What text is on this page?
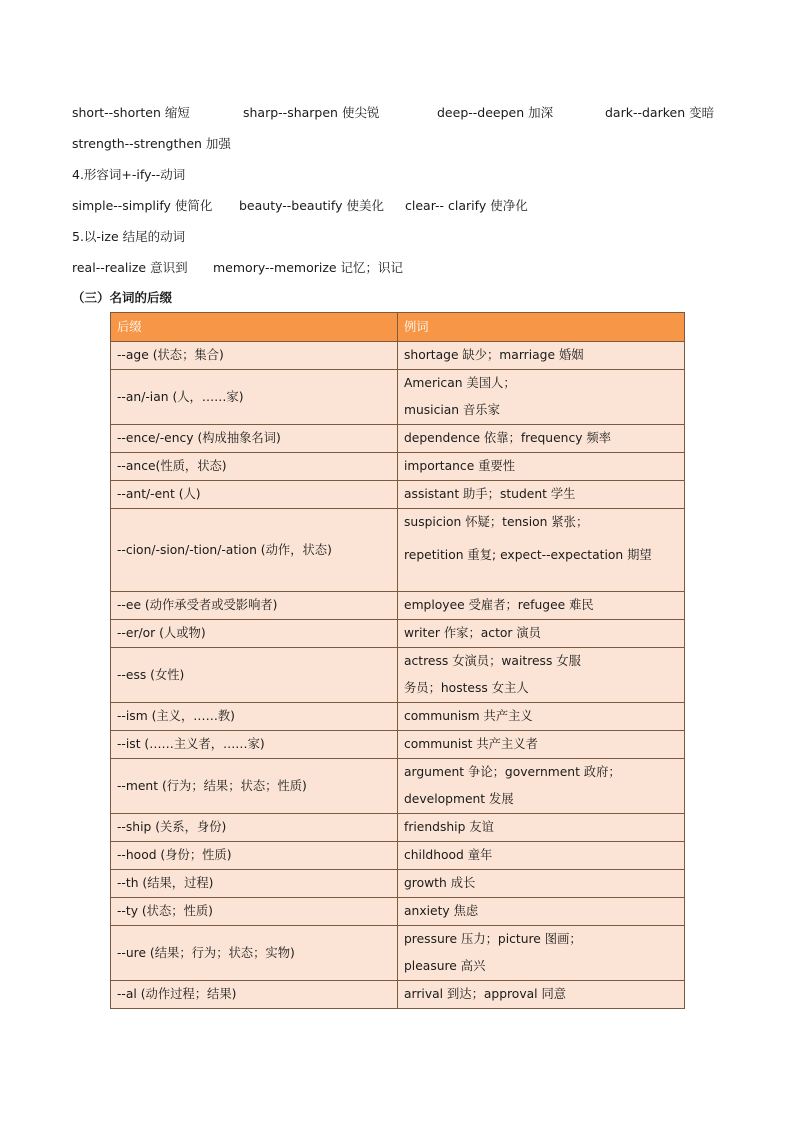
short--shorten 缩短	sharp--sharpen 使尖锐	deep--deepen 加深	dark--darken 变暗
strength--strengthen 加强
4.形容词+-ify--动词
simple--simplify 使简化 beauty--beautify 使美化 clear-- clarify 使净化
5.以-ize 结尾的动词
real--realize 意识到 memory--memorize 记忆；识记
（三）名词的后缀
后缀	例词
--age (状态；集合)	shortage 缺少；marriage 婚姻

--an/-ian (人，……家)	American 美国人；
musician 音乐家

--ence/-ency (构成抽象名词)	dependence 依靠；frequency 频率

--ance(性质，状态)	importance 重要性

--ant/-ent (人)	assistant 助手；student 学生

--cion/-sion/-tion/-ation (动作，状态)	suspicion 怀疑；tension 紧张；
repetition 重复; expect--expectation 期望

--ee (动作承受者或受影响者)	employee 受雇者；refugee 难民

--er/or (人或物)	writer 作家；actor 演员

--ess (女性)	actress 女演员；waitress 女服
务员；hostess 女主人

--ism (主义，……教)	communism 共产主义

--ist (……主义者，……家)	communist 共产主义者

--ment (行为；结果；状态；性质)	argument 争论；government 政府；
development 发展

--ship (关系，身份)	friendship 友谊

--hood (身份；性质)	childhood 童年

--th (结果，过程)	growth 成长

--ty (状态；性质)	anxiety 焦虑

--ure (结果；行为；状态；实物)	pressure 压力；picture 图画；
pleasure 高兴

--al (动作过程；结果)	arrival 到达；approval 同意
